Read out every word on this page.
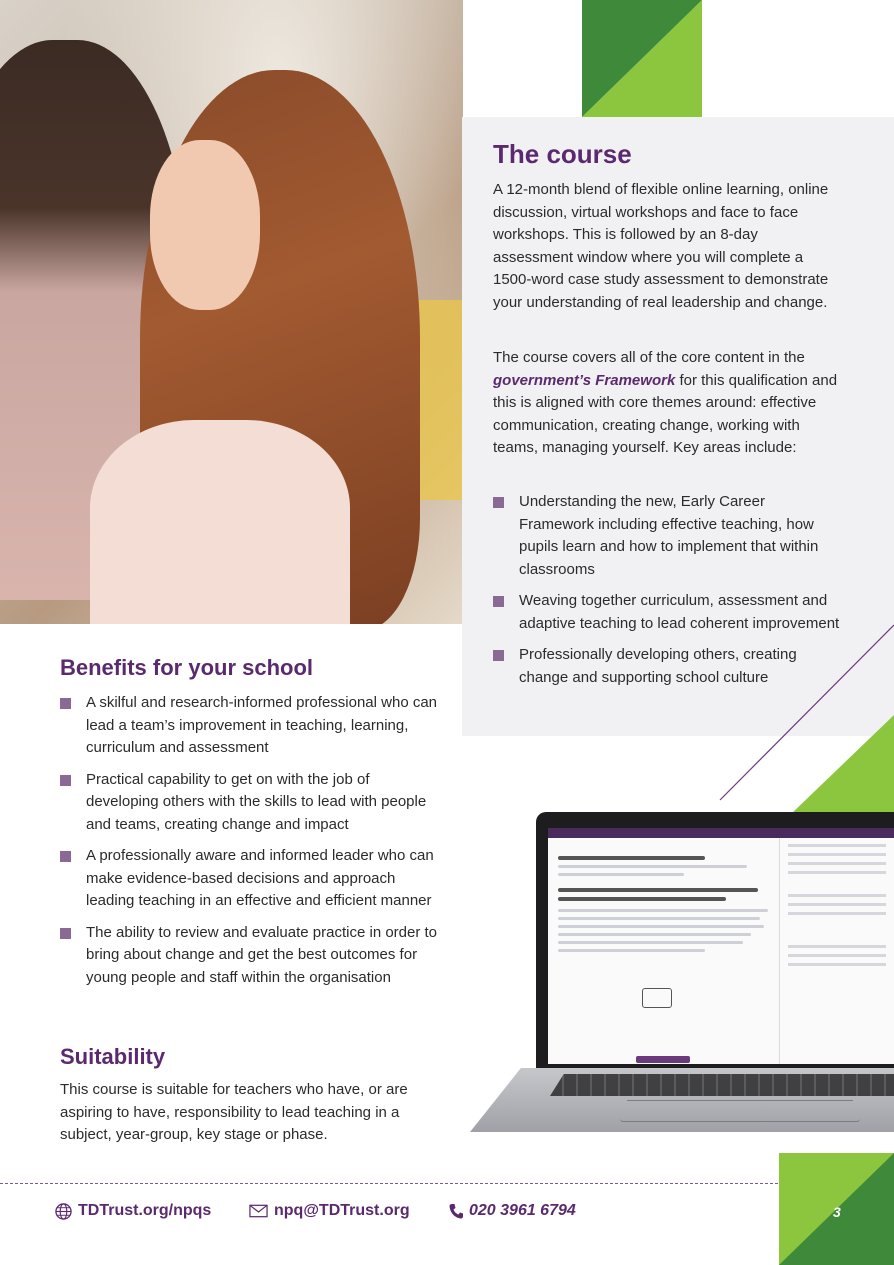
The course

A 12-month blend of flexible online learning, online discussion, virtual workshops and face to face workshops. This is followed by an 8-day assessment window where you will complete a 1500-word case study assessment to demonstrate your understanding of real leadership and change.

The course covers all of the core content in the government’s Framework for this qualification and this is aligned with core themes around: effective communication, creating change, working with teams, managing yourself. Key areas include:

Understanding the new, Early Career Framework including effective teaching, how pupils learn and how to implement that within classrooms
Weaving together curriculum, assessment and adaptive teaching to lead coherent improvement
Professionally developing others, creating change and supporting school culture
Benefits for your school
A skilful and research-informed professional who can lead a team’s improvement in teaching, learning, curriculum and assessment
Practical capability to get on with the job of developing others with the skills to lead with people and teams, creating change and impact
A professionally aware and informed leader who can make evidence-based decisions and approach leading teaching in an effective and efficient manner
The ability to review and evaluate practice in order to bring about change and get the best outcomes for young people and staff within the organisation
Suitability

This course is suitable for teachers who have, or are aspiring to have, responsibility to lead teaching in a subject, year-group, key stage or phase.

TDTrust.org/npqs	npq@TDTrust.org	020 3961 6794	3
